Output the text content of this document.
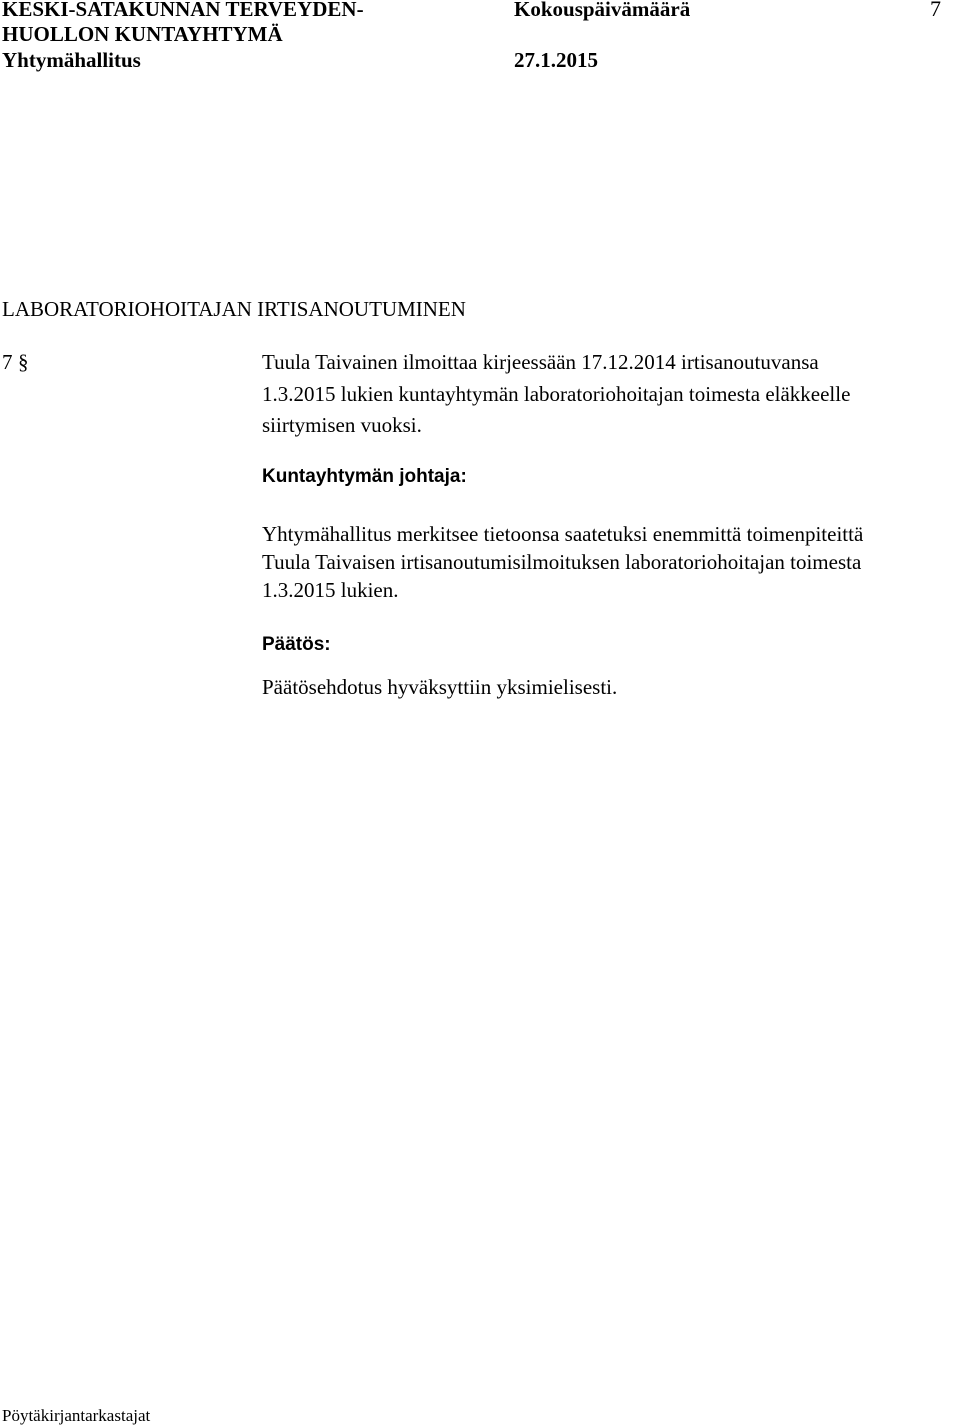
KESKI-SATAKUNNAN TERVEYDEN-
HUOLLON KUNTAYHTYMÄ
Yhtymähallitus
Kokouspäivämäärä
27.1.2015
7
LABORATORIOHOITAJAN IRTISANOUTUMINEN
7 §	Tuula Taivainen ilmoittaa kirjeessään 17.12.2014 irtisanoutuvansa
1.3.2015 lukien kuntayhtymän laboratoriohoitajan toimesta eläkkeelle
siirtymisen vuoksi.
Kuntayhtymän johtaja:
Yhtymähallitus merkitsee tietoonsa saatetuksi enemmittä toimenpiteittä
Tuula Taivaisen irtisanoutumisilmoituksen laboratoriohoitajan toimesta
1.3.2015 lukien.
Päätös:
Päätösehdotus hyväksyttiin yksimielisesti.
Pöytäkirjantarkastajat
